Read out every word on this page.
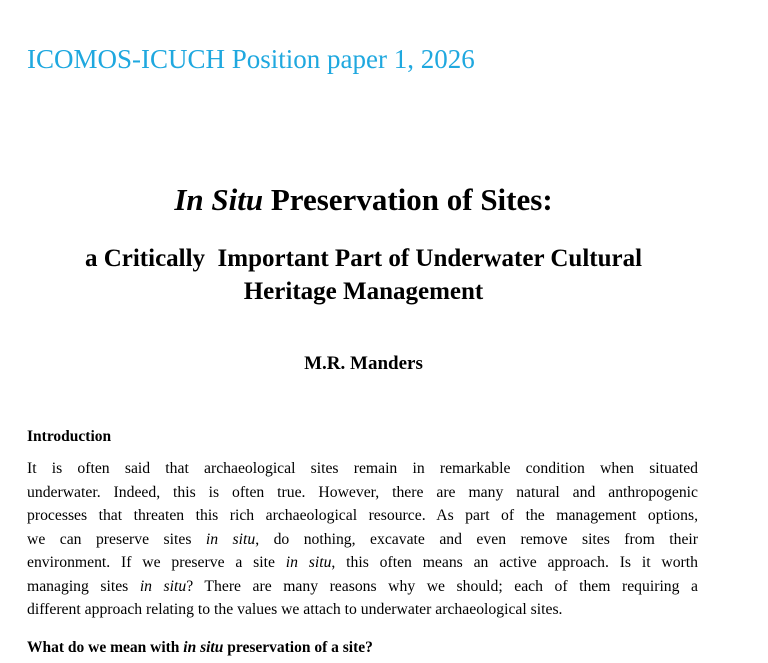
ICOMOS-ICUCH Position paper 1, 2026
In Situ Preservation of Sites:
a Critically  Important Part of Underwater Cultural
Heritage Management
M.R. Manders
Introduction
It is often said that archaeological sites remain in remarkable condition when situated
underwater. Indeed, this is often true. However, there are many natural and anthropogenic
processes that threaten this rich archaeological resource. As part of the management options,
we can preserve sites in situ, do nothing, excavate and even remove sites from their
environment. If we preserve a site in situ, this often means an active approach. Is it worth
managing sites in situ? There are many reasons why we should; each of them requiring a
different approach relating to the values we attach to underwater archaeological sites.
What do we mean with in situ preservation of a site?
